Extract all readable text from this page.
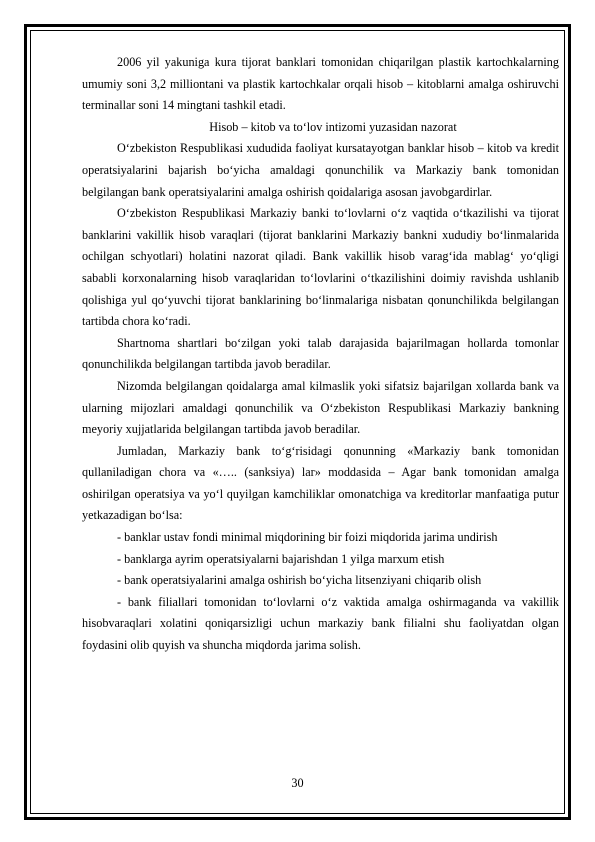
2006 yil yakuniga kura tijorat banklari tomonidan chiqarilgan plastik kartochkalarning umumiy soni 3,2 milliontani va plastik kartochkalar orqali hisob – kitoblarni amalga oshiruvchi terminallar soni 14 mingtani tashkil etadi.

Hisob – kitob va to‘lov intizomi yuzasidan nazorat

O‘zbekiston Respublikasi xududida faoliyat kursatayotgan banklar hisob – kitob va kredit operatsiyalarini bajarish bo‘yicha amaldagi qonunchilik va Markaziy bank tomonidan belgilangan bank operatsiyalarini amalga oshirish qoidalariga asosan javobgardirlar.

O‘zbekiston Respublikasi Markaziy banki to‘lovlarni o‘z vaqtida o‘tkazilishi va tijorat banklarini vakillik hisob varaqlari (tijorat banklarini Markaziy bankni xududiy bo‘linmalarida ochilgan schyotlari) holatini nazorat qiladi. Bank vakillik hisob varag‘ida mablag‘ yo‘qligi sababli korxonalarning hisob varaqlaridan to‘lovlarini o‘tkazilishini doimiy ravishda ushlanib qolishiga yul qo‘yuvchi tijorat banklarining bo‘linmalariga nisbatan qonunchilikda belgilangan tartibda chora ko‘radi.

Shartnoma shartlari bo‘zilgan yoki talab darajasida bajarilmagan hollarda tomonlar qonunchilikda belgilangan tartibda javob beradilar.

Nizomda belgilangan qoidalarga amal kilmaslik yoki sifatsiz bajarilgan xollarda bank va ularning mijozlari amaldagi qonunchilik va O‘zbekiston Respublikasi Markaziy bankning meyoriy xujjatlarida belgilangan tartibda javob beradilar.

Jumladan, Markaziy bank to‘g‘risidagi qonunning «Markaziy bank tomonidan qullaniladigan chora va «….. (sanksiya) lar» moddasida – Agar bank tomonidan amalga oshirilgan operatsiya va yo‘l quyilgan kamchiliklar omonatchiga va kreditorlar manfaatiga putur yetkazadigan bo‘lsa:

- banklar ustav fondi minimal miqdorining bir foizi miqdorida jarima undirish

- banklarga ayrim operatsiyalarni bajarishdan 1 yilga marxum etish

- bank operatsiyalarini amalga oshirish bo‘yicha litsenziyani chiqarib olish

- bank filiallari tomonidan to‘lovlarni o‘z vaktida amalga oshirmaganda va vakillik hisobvaraqlari xolatini qoniqarsizligi uchun markaziy bank filialni shu faoliyatdan olgan foydasini olib quyish va shuncha miqdorda jarima solish.

30
